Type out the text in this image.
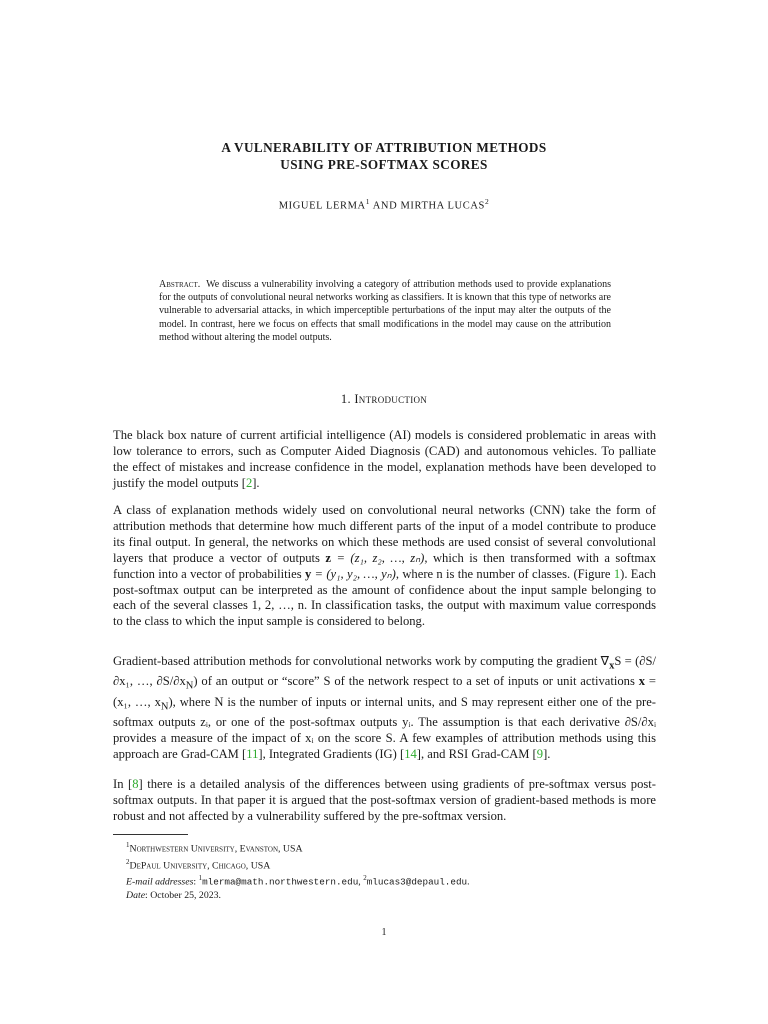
A VULNERABILITY OF ATTRIBUTION METHODS
USING PRE-SOFTMAX SCORES
MIGUEL LERMA$^1$ AND MIRTHA LUCAS$^2$
Abstract. We discuss a vulnerability involving a category of attribution methods used to provide explanations for the outputs of convolutional neural networks working as classifiers. It is known that this type of networks are vulnerable to adversarial attacks, in which imperceptible perturbations of the input may alter the outputs of the model. In contrast, here we focus on effects that small modifications in the model may cause on the attribution method without altering the model outputs.
1. Introduction

The black box nature of current artificial intelligence (AI) models is considered problematic in areas with low tolerance to errors, such as Computer Aided Diagnosis (CAD) and autonomous vehicles. To palliate the effect of mistakes and increase confidence in the model, explanation methods have been developed to justify the model outputs [2].

A class of explanation methods widely used on convolutional neural networks (CNN) take the form of attribution methods that determine how much different parts of the input of a model contribute to produce its final output. In general, the networks on which these methods are used consist of several convolutional layers that produce a vector of outputs z = (z₁, z₂, …, zₙ), which is then transformed with a softmax function into a vector of probabilities y = (y₁, y₂, …, yₙ), where n is the number of classes. (Figure 1). Each post-softmax output can be interpreted as the amount of confidence about the input sample belonging to each of the several classes 1, 2, …, n. In classification tasks, the output with maximum value corresponds to the class to which the input sample is considered to belong.

Gradient-based attribution methods for convolutional networks work by computing the gradient $\nabla_xS = (\partial S/\partial x_1$, …, $\partial S/\partial x_N$) of an output or “score” S of the network respect to a set of inputs or unit activations x = (x₁, …, $x_N$), where N is the number of inputs or internal units, and S may represent either one of the pre-softmax outputs zᵢ, or one of the post-softmax outputs yᵢ. The assumption is that each derivative ∂S/∂xᵢ provides a measure of the impact of xᵢ on the score S. A few examples of attribution methods using this approach are Grad-CAM [11], Integrated Gradients (IG) [14], and RSI Grad-CAM [9].

In [8] there is a detailed analysis of the differences between using gradients of pre-softmax versus post-softmax outputs. In that paper it is argued that the post-softmax version of gradient-based methods is more robust and not affected by a vulnerability suffered by the pre-softmax version.

$^1$Northwestern University, Evanston, USA
$^2$DePaul University, Chicago, USA
E-mail addresses: $^1$mlerma@math.northwestern.edu, $^2$mlucas3@depaul.edu.
Date: October 25, 2023.
1
